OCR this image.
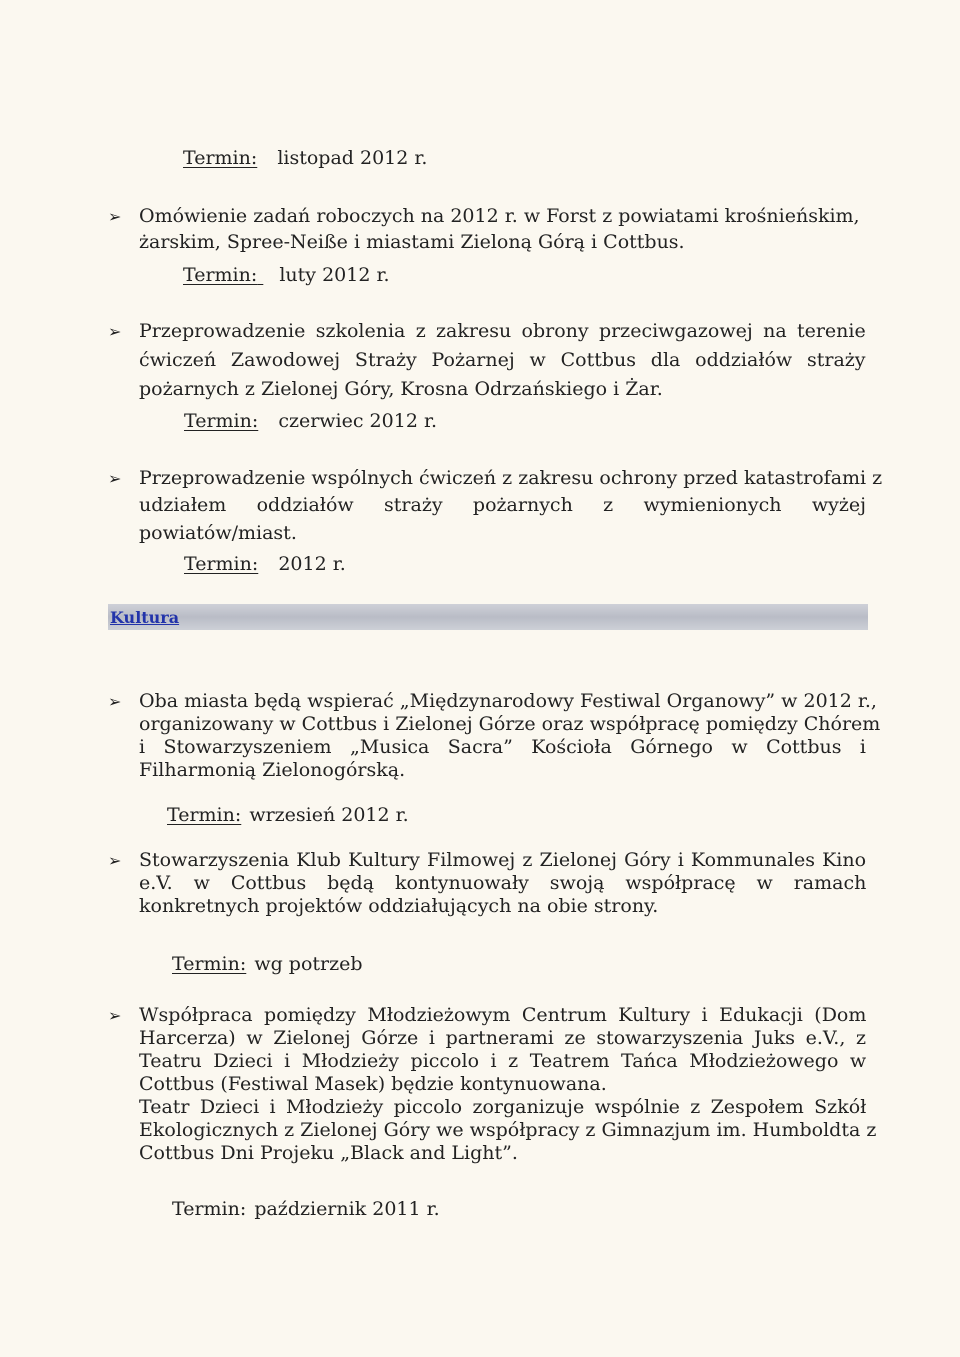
Termin: listopad 2012 r.
➢ Omówienie zadań roboczych na 2012 r. w Forst z powiatami krośnieńskim,
żarskim, Spree-Neiße i miastami Zieloną Górą i Cottbus.
Termin: luty 2012 r.
➢ Przeprowadzenie szkolenia z zakresu obrony przeciwgazowej na terenie
ćwiczeń Zawodowej Straży Pożarnej w Cottbus dla oddziałów straży
pożarnych z Zielonej Góry, Krosna Odrzańskiego i Żar.
Termin: czerwiec 2012 r.
➢ Przeprowadzenie wspólnych ćwiczeń z zakresu ochrony przed katastrofami z
udziałem oddziałów straży pożarnych z wymienionych wyżej
powiatów/miast.
Termin: 2012 r.
Kultura
➢ Oba miasta będą wspierać „Międzynarodowy Festiwal Organowy” w 2012 r.,
organizowany w Cottbus i Zielonej Górze oraz współpracę pomiędzy Chórem
i Stowarzyszeniem „Musica Sacra” Kościoła Górnego w Cottbus i
Filharmonią Zielonogórską.
Termin: wrzesień 2012 r.
➢ Stowarzyszenia Klub Kultury Filmowej z Zielonej Góry i Kommunales Kino
e.V. w Cottbus będą kontynuowały swoją współpracę w ramach
konkretnych projektów oddziałujących na obie strony.
Termin: wg potrzeb
➢ Współpraca pomiędzy Młodzieżowym Centrum Kultury i Edukacji (Dom
Harcerza) w Zielonej Górze i partnerami ze stowarzyszenia Juks e.V., z
Teatru Dzieci i Młodzieży piccolo i z Teatrem Tańca Młodzieżowego w
Cottbus (Festiwal Masek) będzie kontynuowana.
Teatr Dzieci i Młodzieży piccolo zorganizuje wspólnie z Zespołem Szkół
Ekologicznych z Zielonej Góry we współpracy z Gimnazjum im. Humboldta z
Cottbus Dni Projeku „Black and Light”.
Termin: październik 2011 r.
